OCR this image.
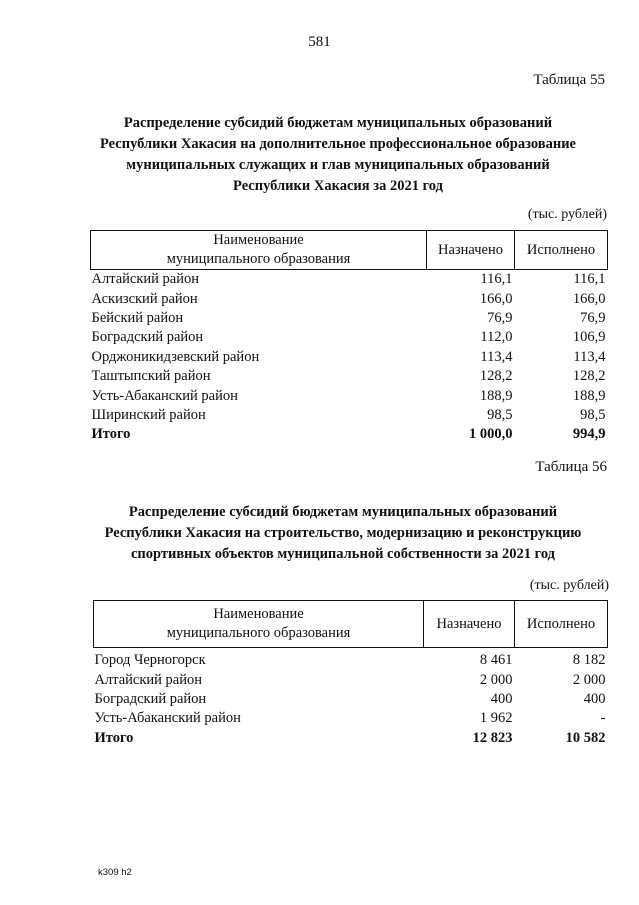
581
Таблица 55
Распределение субсидий бюджетам муниципальных образований
Республики Хакасия на дополнительное профессиональное образование
муниципальных служащих и глав муниципальных образований
Республики Хакасия за 2021 год
(тыс. рублей)
Наименование
муниципального образования	Назначено	Исполнено
Алтайский район	116,1	116,1
Аскизский район	166,0	166,0
Бейский район	76,9	76,9
Боградский район	112,0	106,9
Орджоникидзевский район	113,4	113,4
Таштыпский район	128,2	128,2
Усть-Абаканский район	188,9	188,9
Ширинский район	98,5	98,5
Итого	1 000,0	994,9
Таблица 56
Распределение субсидий бюджетам муниципальных образований
Республики Хакасия на строительство, модернизацию и реконструкцию
спортивных объектов муниципальной собственности за 2021 год
(тыс. рублей)
Наименование
муниципального образования	Назначено	Исполнено
Город Черногорск	8 461	8 182
Алтайский район	2 000	2 000
Боградский район	400	400
Усть-Абаканский район	1 962	-
Итого	12 823	10 582
k309 h2
